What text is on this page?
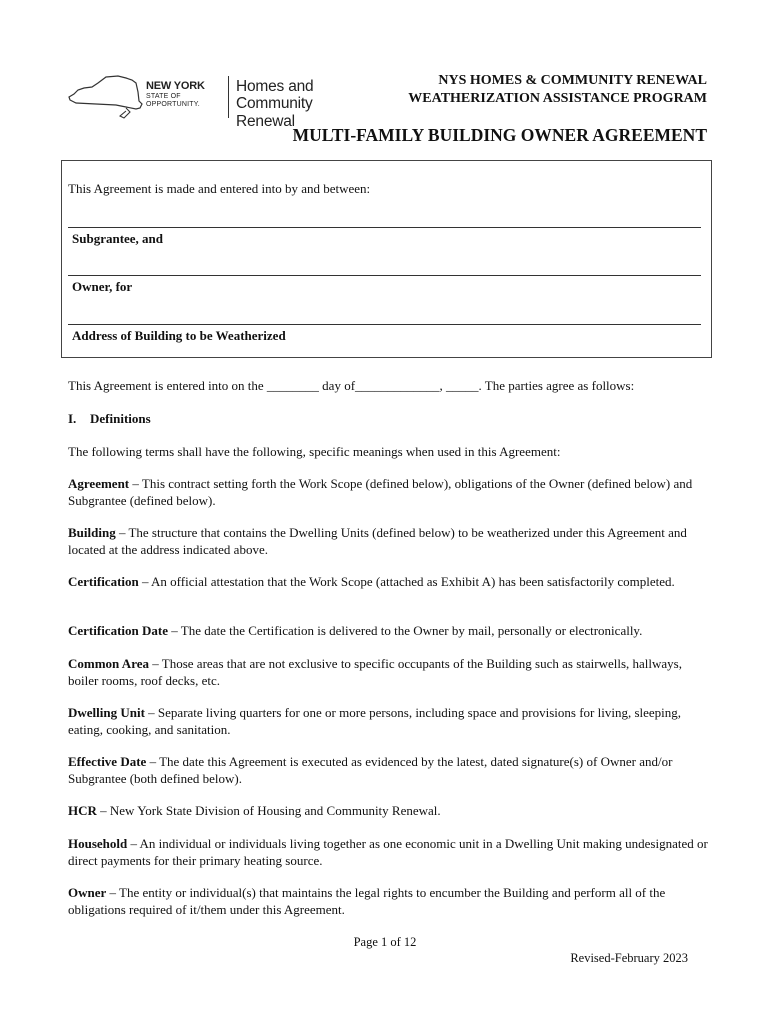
NEW YORK
STATE OF
OPPORTUNITY.
Homes and
Community Renewal
NYS HOMES & COMMUNITY RENEWAL
WEATHERIZATION ASSISTANCE PROGRAM
MULTI-FAMILY BUILDING OWNER AGREEMENT
This Agreement is made and entered into by and between:
Subgrantee, and
Owner, for
Address of Building to be Weatherized
This Agreement is entered into on the ________ day of_____________, _____. The parties agree as follows:
I. Definitions
The following terms shall have the following, specific meanings when used in this Agreement:
Agreement – This contract setting forth the Work Scope (defined below), obligations of the Owner (defined below) and Subgrantee (defined below).
Building – The structure that contains the Dwelling Units (defined below) to be weatherized under this Agreement and located at the address indicated above.
Certification – An official attestation that the Work Scope (attached as Exhibit A) has been satisfactorily completed.
Certification Date – The date the Certification is delivered to the Owner by mail, personally or electronically.
Common Area – Those areas that are not exclusive to specific occupants of the Building such as stairwells, hallways, boiler rooms, roof decks, etc.
Dwelling Unit – Separate living quarters for one or more persons, including space and provisions for living, sleeping, eating, cooking, and sanitation.
Effective Date – The date this Agreement is executed as evidenced by the latest, dated signature(s) of Owner and/or Subgrantee (both defined below).
HCR – New York State Division of Housing and Community Renewal.
Household – An individual or individuals living together as one economic unit in a Dwelling Unit making undesignated or direct payments for their primary heating source.
Owner – The entity or individual(s) that maintains the legal rights to encumber the Building and perform all of the obligations required of it/them under this Agreement.
Page 1 of 12
Revised-February 2023
